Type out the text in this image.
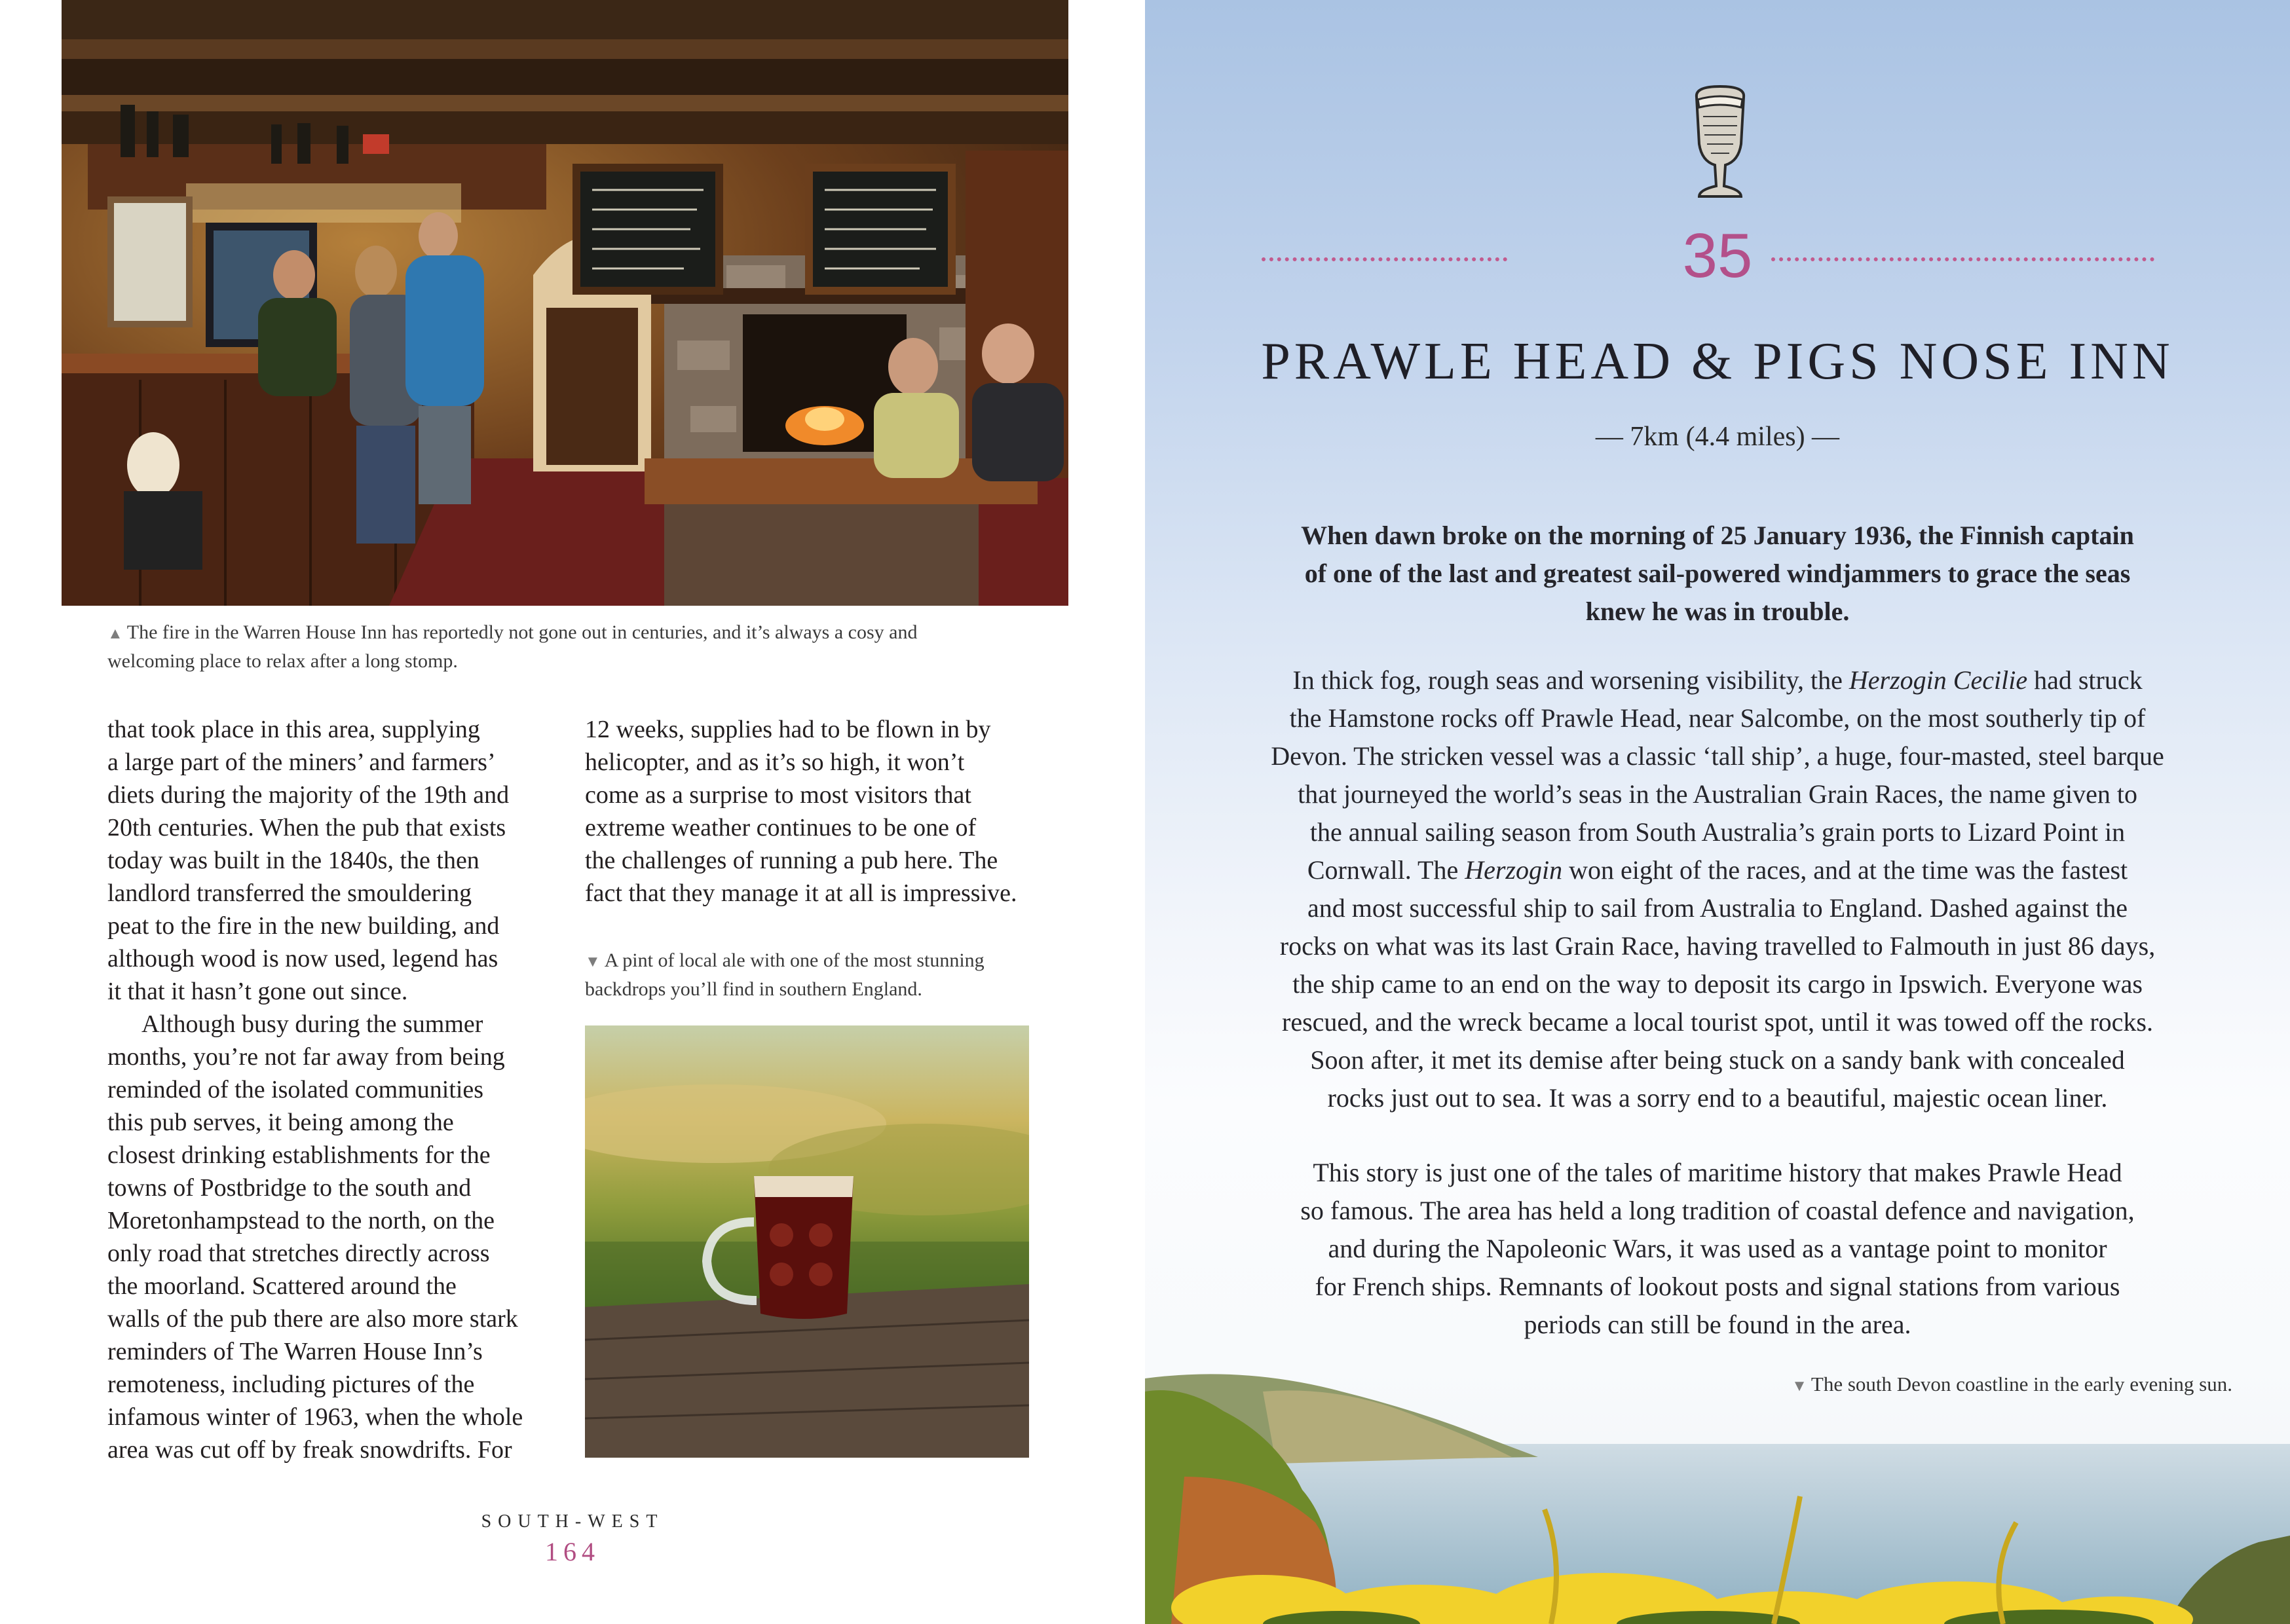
▲ The fire in the Warren House Inn has reportedly not gone out in centuries, and it’s always a cosy and
welcoming place to relax after a long stomp.

that took place in this area, supplying
a large part of the miners’ and farmers’
diets during the majority of the 19th and
20th centuries. When the pub that exists
today was built in the 1840s, the then
landlord transferred the smouldering
peat to the fire in the new building, and
although wood is now used, legend has
it that it hasn’t gone out since.

Although busy during the summer
months, you’re not far away from being
reminded of the isolated communities
this pub serves, it being among the
closest drinking establishments for the
towns of Postbridge to the south and
Moretonhampstead to the north, on the
only road that stretches directly across
the moorland. Scattered around the
walls of the pub there are also more stark
reminders of The Warren House Inn’s
remoteness, including pictures of the
infamous winter of 1963, when the whole
area was cut off by freak snowdrifts. For

12 weeks, supplies had to be flown in by
helicopter, and as it’s so high, it won’t
come as a surprise to most visitors that
extreme weather continues to be one of
the challenges of running a pub here. The
fact that they manage it at all is impressive.

▼ A pint of local ale with one of the most stunning
backdrops you’ll find in southern England.
SOUTH-WEST
164
35
PRAWLE HEAD & PIGS NOSE INN
— 7km (4.4 miles) —
When dawn broke on the morning of 25 January 1936, the Finnish captain
of one of the last and greatest sail-powered windjammers to grace the seas
knew he was in trouble.
In thick fog, rough seas and worsening visibility, the Herzogin Cecilie had struck
the Hamstone rocks off Prawle Head, near Salcombe, on the most southerly tip of
Devon. The stricken vessel was a classic ‘tall ship’, a huge, four-masted, steel barque
that journeyed the world’s seas in the Australian Grain Races, the name given to
the annual sailing season from South Australia’s grain ports to Lizard Point in
Cornwall. The Herzogin won eight of the races, and at the time was the fastest
and most successful ship to sail from Australia to England. Dashed against the
rocks on what was its last Grain Race, having travelled to Falmouth in just 86 days,
the ship came to an end on the way to deposit its cargo in Ipswich. Everyone was
rescued, and the wreck became a local tourist spot, until it was towed off the rocks.
Soon after, it met its demise after being stuck on a sandy bank with concealed
rocks just out to sea. It was a sorry end to a beautiful, majestic ocean liner.
This story is just one of the tales of maritime history that makes Prawle Head
so famous. The area has held a long tradition of coastal defence and navigation,
and during the Napoleonic Wars, it was used as a vantage point to monitor
for French ships. Remnants of lookout posts and signal stations from various
periods can still be found in the area.
▼ The south Devon coastline in the early evening sun.
